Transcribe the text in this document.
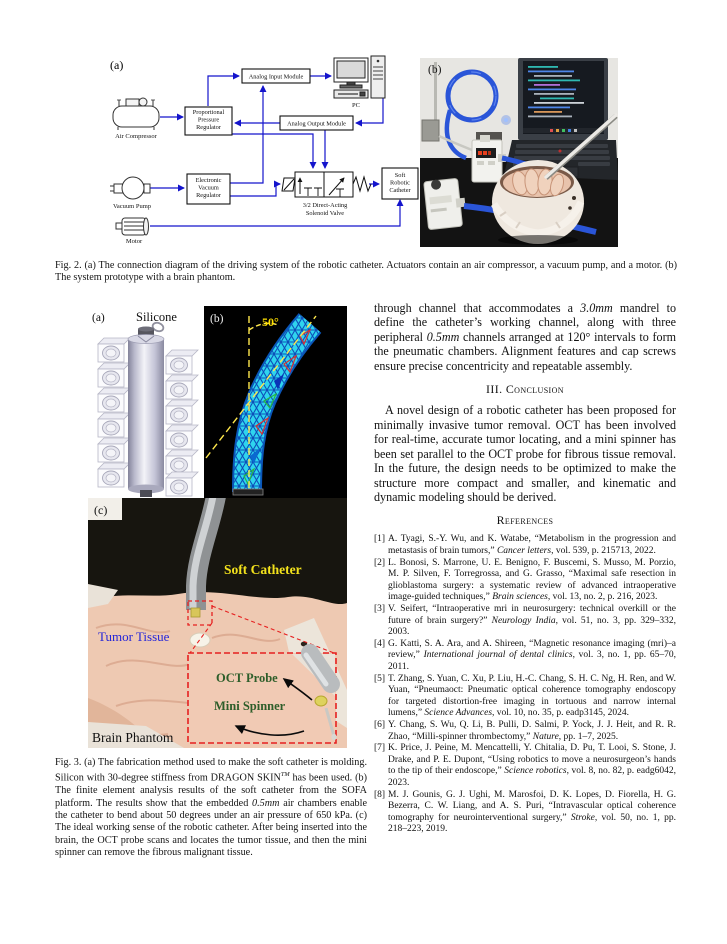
(a)
Analog Input Module
Proportional
Pressure
Regulator	Analog Output Module
Electronic
Vacuum
Regulator
Soft
Robotic
Catheter
PC
Air Compressor
Vacuum Pump
Motor
3/2 Direct-Acting
Solenoid Valve
(b)
Fig. 2. (a) The connection diagram of the driving system of the robotic catheter. Actuators contain an air compressor, a vacuum pump, and a motor. (b) The system prototype with a brain phantom.
(a) Silicone	50°
(b)
OCT Probe
Mini Spinner
Soft Catheter
Tumor Tissue
(c)
Brain Phantom
Fig. 3. (a) The fabrication method used to make the soft catheter is molding. Silicon with 30-degree stiffness from DRAGON SKIN™ has been used. (b) The finite element analysis results of the soft catheter from the SOFA platform. The results show that the embedded 0.5mm air chambers enable the catheter to bend about 50 degrees under an air pressure of 650 kPa. (c) The ideal working sense of the robotic catheter. After being inserted into the brain, the OCT probe scans and locates the tumor tissue, and then the mini spinner can remove the fibrous malignant tissue.

through channel that accommodates a 3.0mm mandrel to define the catheter’s working channel, along with three peripheral 0.5mm channels arranged at 120° intervals to form the pneumatic chambers. Alignment features and cap screws ensure precise concentricity and repeatable assembly.

III. Conclusion

A novel design of a robotic catheter has been proposed for minimally invasive tumor removal. OCT has been involved for real-time, accurate tumor locating, and a mini spinner has been set parallel to the OCT probe for fibrous tissue removal. In the future, the design needs to be optimized to make the structure more compact and smaller, and kinematic and dynamic modeling should be derived.

References
[1] A. Tyagi, S.-Y. Wu, and K. Watabe, “Metabolism in the progression and metastasis of brain tumors,” Cancer letters, vol. 539, p. 215713, 2022.
[2] L. Bonosi, S. Marrone, U. E. Benigno, F. Buscemi, S. Musso, M. Porzio, M. P. Silven, F. Torregrossa, and G. Grasso, “Maximal safe resection in glioblastoma surgery: a systematic review of advanced intraoperative image-guided techniques,” Brain sciences, vol. 13, no. 2, p. 216, 2023.
[3] V. Seifert, “Intraoperative mri in neurosurgery: technical overkill or the future of brain surgery?” Neurology India, vol. 51, no. 3, pp. 329–332, 2003.
[4] G. Katti, S. A. Ara, and A. Shireen, “Magnetic resonance imaging (mri)–a review,” International journal of dental clinics, vol. 3, no. 1, pp. 65–70, 2011.
[5] T. Zhang, S. Yuan, C. Xu, P. Liu, H.-C. Chang, S. H. C. Ng, H. Ren, and W. Yuan, “Pneumaoct: Pneumatic optical coherence tomography endoscopy for targeted distortion-free imaging in tortuous and narrow internal lumens,” Science Advances, vol. 10, no. 35, p. eadp3145, 2024.
[6] Y. Chang, S. Wu, Q. Li, B. Pulli, D. Salmi, P. Yock, J. J. Heit, and R. R. Zhao, “Milli-spinner thrombectomy,” Nature, pp. 1–7, 2025.
[7] K. Price, J. Peine, M. Mencattelli, Y. Chitalia, D. Pu, T. Looi, S. Stone, J. Drake, and P. E. Dupont, “Using robotics to move a neurosurgeon’s hands to the tip of their endoscope,” Science robotics, vol. 8, no. 82, p. eadg6042, 2023.
[8] M. J. Gounis, G. J. Ughi, M. Marosfoi, D. K. Lopes, D. Fiorella, H. G. Bezerra, C. W. Liang, and A. S. Puri, “Intravascular optical coherence tomography for neurointerventional surgery,” Stroke, vol. 50, no. 1, pp. 218–223, 2019.
